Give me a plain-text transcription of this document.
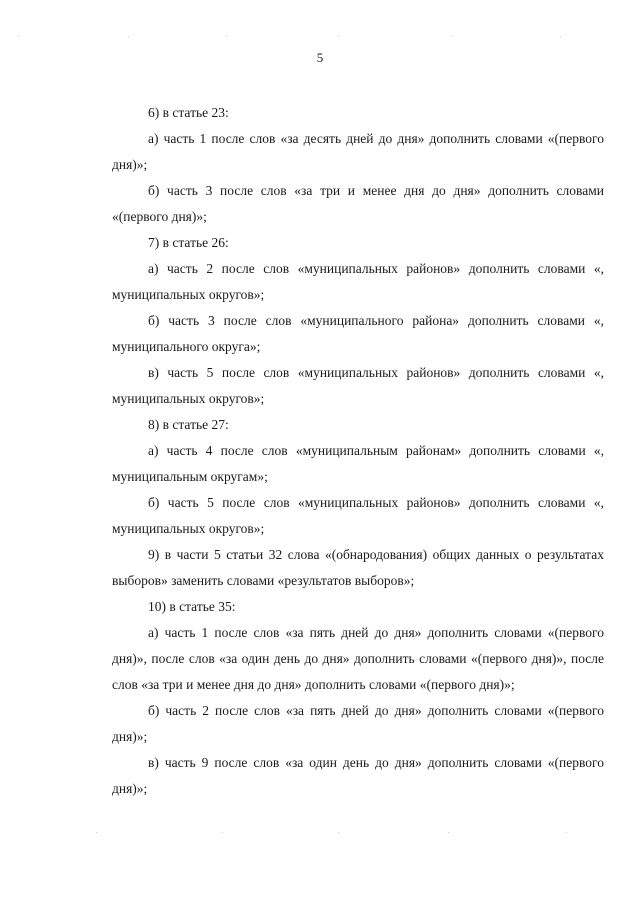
5

6) в статье 23:

а) часть 1 после слов «за десять дней до дня» дополнить словами «(первого дня)»;

б) часть 3 после слов «за три и менее дня до дня» дополнить словами «(первого дня)»;

7) в статье 26:

а) часть 2 после слов «муниципальных районов» дополнить словами «, муниципальных округов»;

б) часть 3 после слов «муниципального района» дополнить словами «, муниципального округа»;

в) часть 5 после слов «муниципальных районов» дополнить словами «, муниципальных округов»;

8) в статье 27:

а) часть 4 после слов «муниципальным районам» дополнить словами «, муниципальным округам»;

б) часть 5 после слов «муниципальных районов» дополнить словами «, муниципальных округов»;

9) в части 5 статьи 32 слова «(обнародования) общих данных о результатах выборов» заменить словами «результатов выборов»;

10) в статье 35:

а) часть 1 после слов «за пять дней до дня» дополнить словами «(первого дня)», после слов «за один день до дня» дополнить словами «(первого дня)», после слов «за три и менее дня до дня» дополнить словами «(первого дня)»;

б) часть 2 после слов «за пять дней до дня» дополнить словами «(первого дня)»;

в) часть 9 после слов «за один день до дня» дополнить словами «(первого дня)»;
